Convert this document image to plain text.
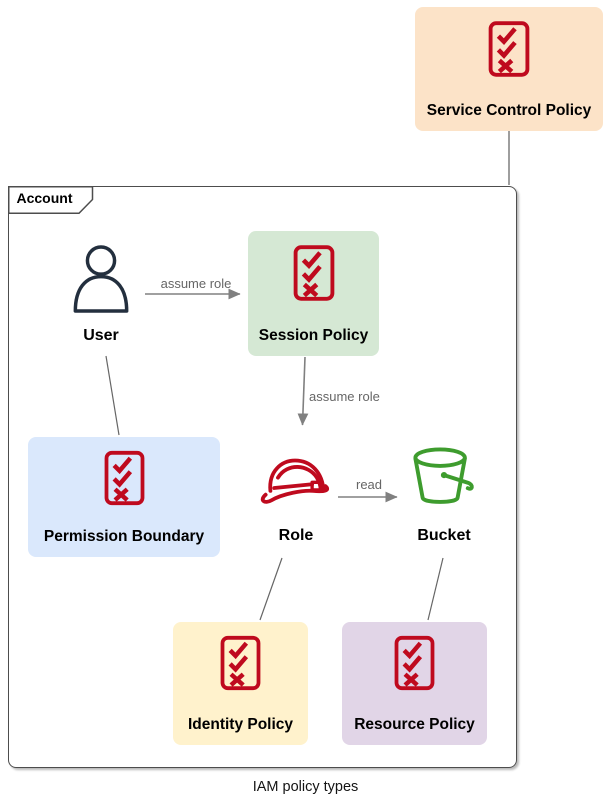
Account
Service Control Policy
Session Policy
Permission Boundary
Identity Policy	Resource Policy
User
Role	Bucket
assume role
assume role
read
IAM policy types
